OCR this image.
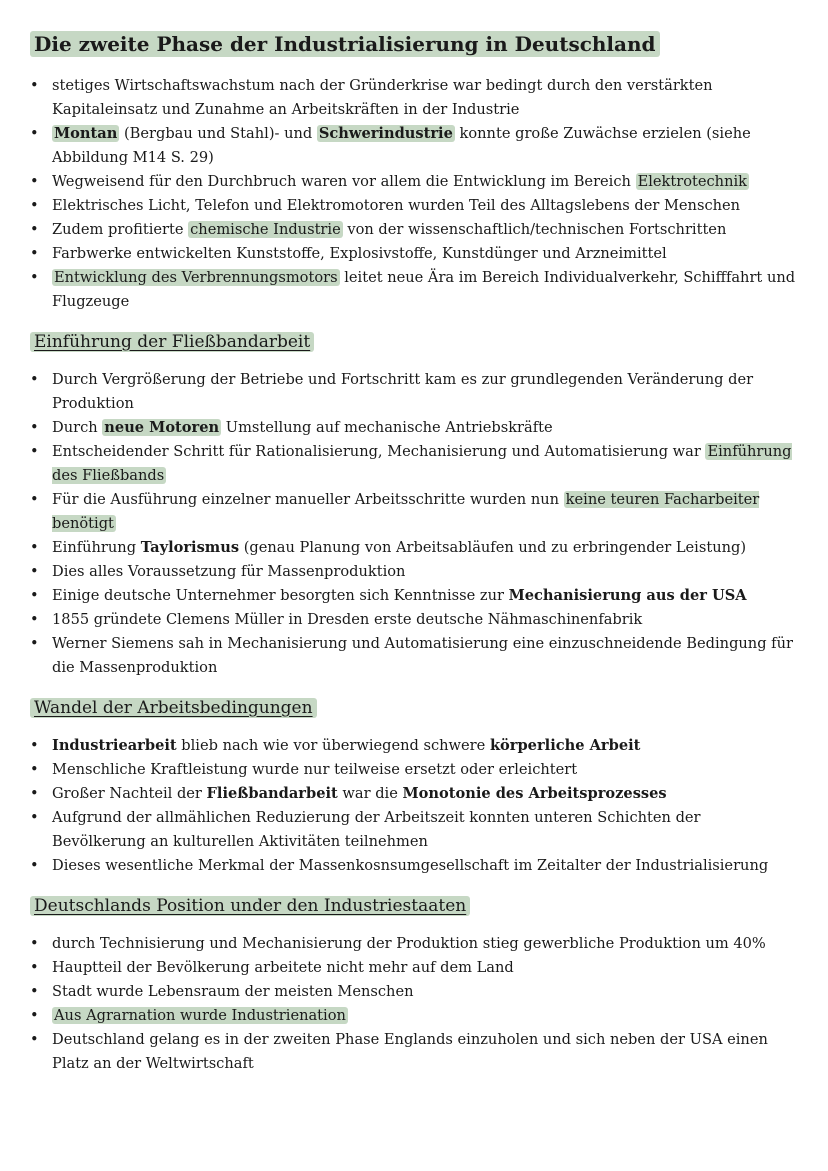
Die zweite Phase der Industrialisierung in Deutschland
• stetiges Wirtschaftswachstum nach der Gründerkrise war bedingt durch den verstärkten Kapitaleinsatz und Zunahme an Arbeitskräften in der Industrie
• Montan (Bergbau und Stahl)- und Schwerindustrie konnte große Zuwächse erzielen (siehe Abbildung M14 S. 29)
• Wegweisend für den Durchbruch waren vor allem die Entwicklung im Bereich Elektrotechnik
• Elektrisches Licht, Telefon und Elektromotoren wurden Teil des Alltagslebens der Menschen
• Zudem profitierte chemische Industrie von der wissenschaftlich/technischen Fortschritten
• Farbwerke entwickelten Kunststoffe, Explosivstoffe, Kunstdünger und Arzneimittel
• Entwicklung des Verbrennungsmotors leitet neue Ära im Bereich Individualverkehr, Schifffahrt und Flugzeuge
Einführung der Fließbandarbeit
• Durch Vergrößerung der Betriebe und Fortschritt kam es zur grundlegenden Veränderung der Produktion
• Durch neue Motoren Umstellung auf mechanische Antriebskräfte
• Entscheidender Schritt für Rationalisierung, Mechanisierung und Automatisierung war Einführung des Fließbands
• Für die Ausführung einzelner manueller Arbeitsschritte wurden nun keine teuren Facharbeiter benötigt
• Einführung Taylorismus (genau Planung von Arbeitsabläufen und zu erbringender Leistung)
• Dies alles Voraussetzung für Massenproduktion
• Einige deutsche Unternehmer besorgten sich Kenntnisse zur Mechanisierung aus der USA
• 1855 gründete Clemens Müller in Dresden erste deutsche Nähmaschinenfabrik
• Werner Siemens sah in Mechanisierung und Automatisierung eine einzuschneidende Bedingung für die Massenproduktion
Wandel der Arbeitsbedingungen
• Industriearbeit blieb nach wie vor überwiegend schwere körperliche Arbeit
• Menschliche Kraftleistung wurde nur teilweise ersetzt oder erleichtert
• Großer Nachteil der Fließbandarbeit war die Monotonie des Arbeitsprozesses
• Aufgrund der allmählichen Reduzierung der Arbeitszeit konnten unteren Schichten der Bevölkerung an kulturellen Aktivitäten teilnehmen
• Dieses wesentliche Merkmal der Massenkosnsumgesellschaft im Zeitalter der Industrialisierung
Deutschlands Position under den Industriestaaten
• durch Technisierung und Mechanisierung der Produktion stieg gewerbliche Produktion um 40%
• Hauptteil der Bevölkerung arbeitete nicht mehr auf dem Land
• Stadt wurde Lebensraum der meisten Menschen
• Aus Agrarnation wurde Industrienation
• Deutschland gelang es in der zweiten Phase Englands einzuholen und sich neben der USA einen Platz an der Weltwirtschaft
